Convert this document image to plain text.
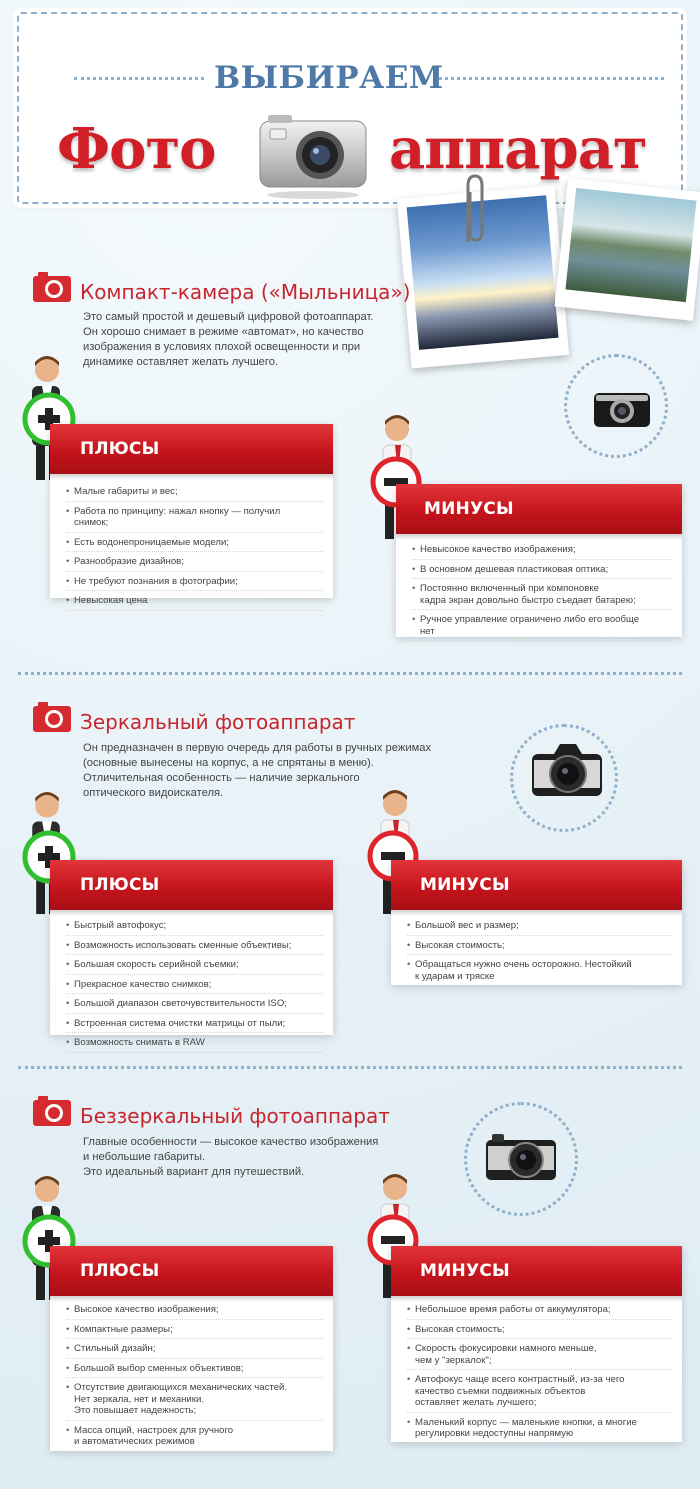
ВЫБИРАЕМ
Фото	аппарат
Компакт-камера («Мыльница»)
Это самый простой и дешевый цифровой фотоаппарат.
Он хорошо снимает в режиме «автомат», но качество
изображения в условиях плохой освещенности и при
динамике оставляет желать лучшего.
ПЛЮСЫ
• Малые габариты и вес;
• Работа по принципу: нажал кнопку — получил
снимок;
• Есть водонепроницаемые модели;
• Разнообразие дизайнов;
• Не требуют познания в фотографии;
• Невысокая цена
МИНУСЫ
• Невысокое качество изображения;
• В основном дешевая пластиковая оптика;
• Постоянно включенный при компоновке
кадра экран довольно быстро съедает батарею;
• Ручное управление ограничено либо его вообще
нет
Зеркальный фотоаппарат
Он предназначен в первую очередь для работы в ручных режимах
(основные вынесены на корпус, а не спрятаны в меню).
Отличительная особенность — наличие зеркального
оптического видоискателя.
ПЛЮСЫ
• Быстрый автофокус;
• Возможность использовать сменные объективы;
• Большая скорость серийной съемки;
• Прекрасное качество снимков;
• Большой диапазон светочувствительности ISO;
• Встроенная система очистки матрицы от пыли;
• Возможность снимать в RAW
МИНУСЫ
• Большой вес и размер;
• Высокая стоимость;
• Обращаться нужно очень осторожно. Нестойкий
к ударам и тряске
Беззеркальный фотоаппарат
Главные особенности — высокое качество изображения
и небольшие габариты.
Это идеальный вариант для путешествий.
ПЛЮСЫ
• Высокое качество изображения;
• Компактные размеры;
• Стильный дизайн;
• Большой выбор сменных объективов;
• Отсутствие двигающихся механических частей.
Нет зеркала, нет и механики.
Это повышает надежность;
• Масса опций, настроек для ручного
и автоматических режимов
МИНУСЫ
• Небольшое время работы от аккумулятора;
• Высокая стоимость;
• Скорость фокусировки намного меньше,
чем у "зеркалок";
• Автофокус чаще всего контрастный, из-за чего
качество съемки подвижных объектов
оставляет желать лучшего;
• Маленький корпус — маленькие кнопки, а многие
регулировки недоступны напрямую
